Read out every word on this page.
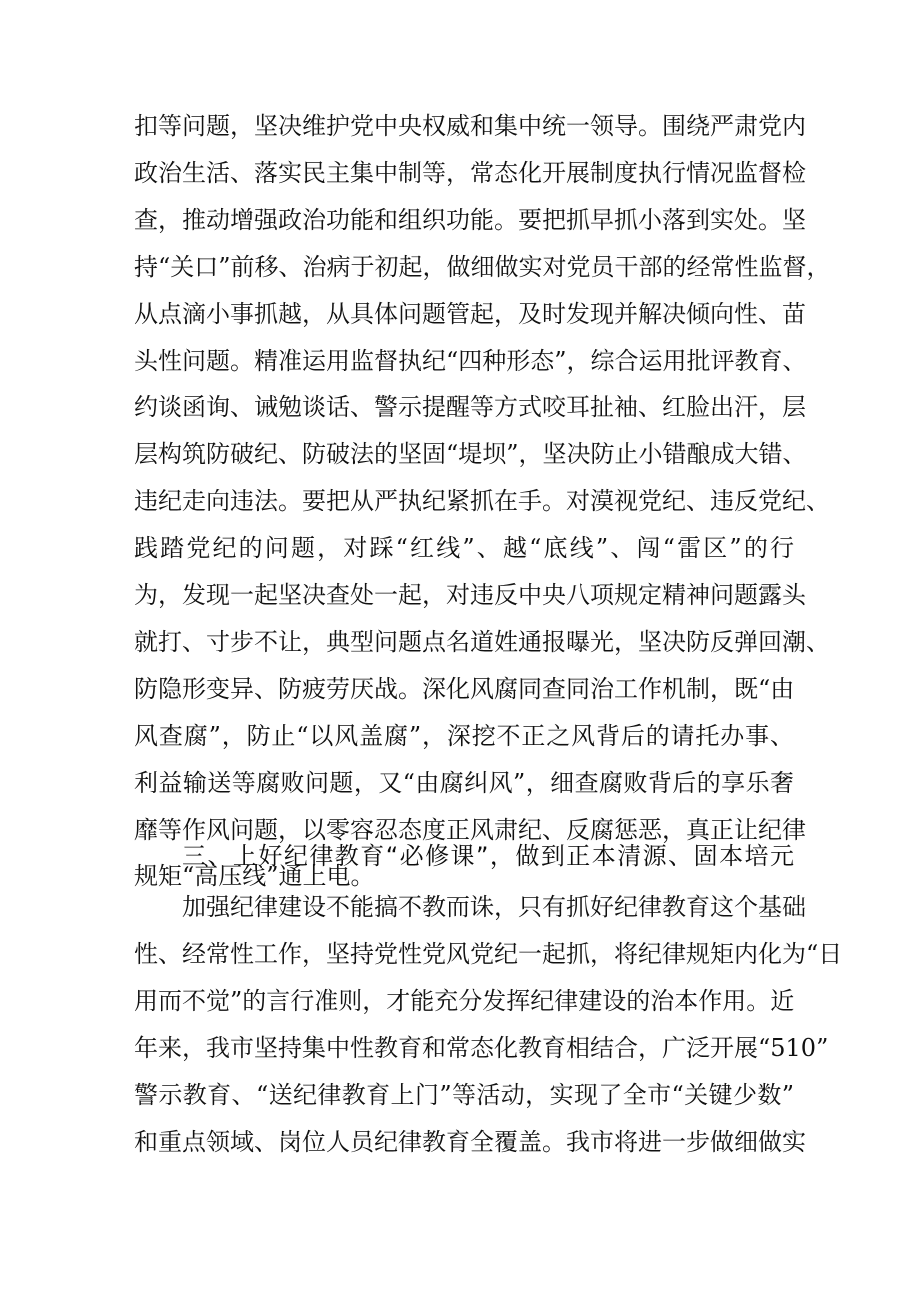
扣等问题，坚决维护党中央权威和集中统一领导。围绕严肃党内
政治生活、落实民主集中制等，常态化开展制度执行情况监督检
查，推动增强政治功能和组织功能。要把抓早抓小落到实处。坚
持“关口”前移、治病于初起，做细做实对党员干部的经常性监督，
从点滴小事抓越，从具体问题管起，及时发现并解决倾向性、苗
头性问题。精准运用监督执纪“四种形态”，综合运用批评教育、
约谈函询、诫勉谈话、警示提醒等方式咬耳扯袖、红脸出汗，层
层构筑防破纪、防破法的坚固“堤坝”，坚决防止小错酿成大错、
违纪走向违法。要把从严执纪紧抓在手。对漠视党纪、违反党纪、
践踏党纪的问题，对踩“红线”、越“底线”、闯“雷区”的行
为，发现一起坚决查处一起，对违反中央八项规定精神问题露头
就打、寸步不让，典型问题点名道姓通报曝光，坚决防反弹回潮、
防隐形变异、防疲劳厌战。深化风腐同查同治工作机制，既“由
风查腐”，防止“以风盖腐”，深挖不正之风背后的请托办事、
利益输送等腐败问题，又“由腐纠风”，细查腐败背后的享乐奢
靡等作风问题，以零容忍态度正风肃纪、反腐惩恶，真正让纪律
规矩“高压线”通上电。
三、上好纪律教育“必修课”，做到正本清源、固本培元
加强纪律建设不能搞不教而诛，只有抓好纪律教育这个基础
性、经常性工作，坚持党性党风党纪一起抓，将纪律规矩内化为“日
用而不觉”的言行准则，才能充分发挥纪律建设的治本作用。近
年来，我市坚持集中性教育和常态化教育相结合，广泛开展“510”
警示教育、“送纪律教育上门”等活动，实现了全市“关键少数”
和重点领域、岗位人员纪律教育全覆盖。我市将进一步做细做实
